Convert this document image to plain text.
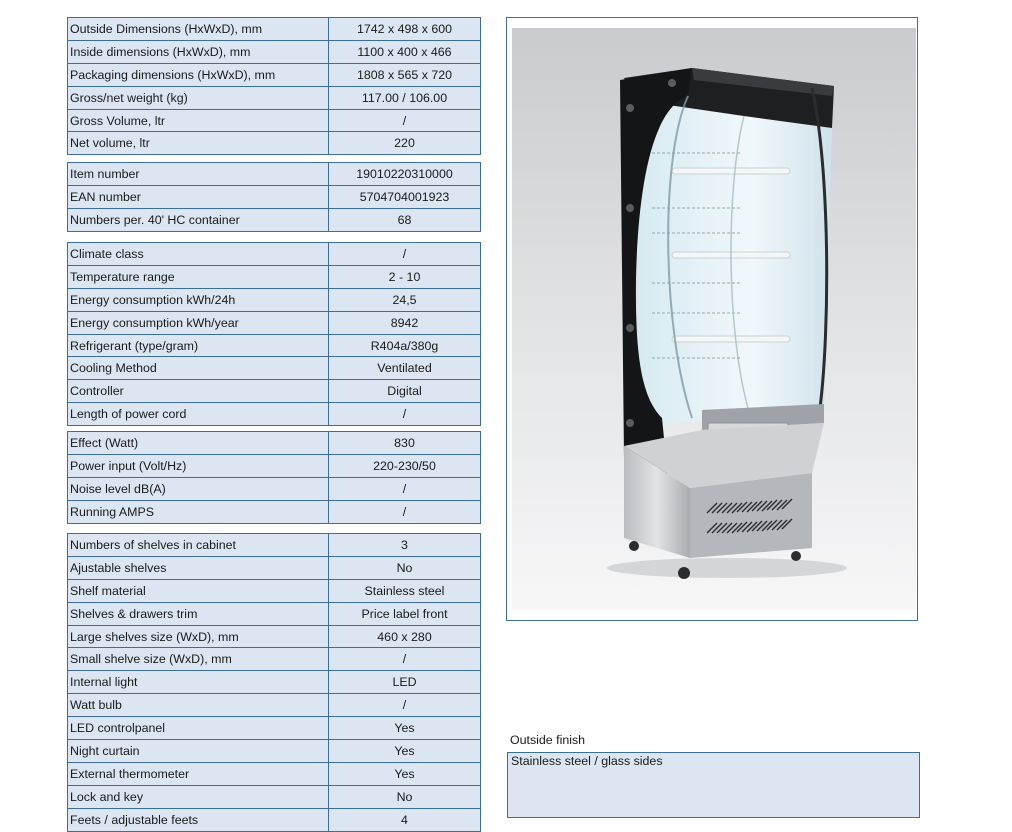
Outside Dimensions (HxWxD), mm	1742 x 498 x 600
Inside dimensions (HxWxD), mm	1100 x 400 x 466
Packaging dimensions (HxWxD), mm	1808 x 565 x 720
Gross/net weight (kg)	117.00 / 106.00
Gross Volume, ltr	/
Net volume, ltr	220
Item number	19010220310000
EAN number	5704704001923
Numbers per. 40' HC container	68
Climate class	/
Temperature range	2 - 10
Energy consumption kWh/24h	24,5
Energy consumption kWh/year	8942
Refrigerant (type/gram)	R404a/380g
Cooling Method	Ventilated
Controller	Digital
Length of power cord	/
Effect (Watt)	830
Power input (Volt/Hz)	220-230/50
Noise level dB(A)	/
Running AMPS	/
Numbers of shelves in cabinet	3
Ajustable shelves	No
Shelf material	Stainless steel
Shelves & drawers trim	Price label front
Large shelves size (WxD), mm	460 x 280
Small shelve size (WxD), mm	/
Internal light	LED
Watt bulb	/
LED controlpanel	Yes
Night curtain	Yes
External thermometer	Yes
Lock and key	No
Feets / adjustable feets	4
Outside finish
Stainless steel / glass sides
